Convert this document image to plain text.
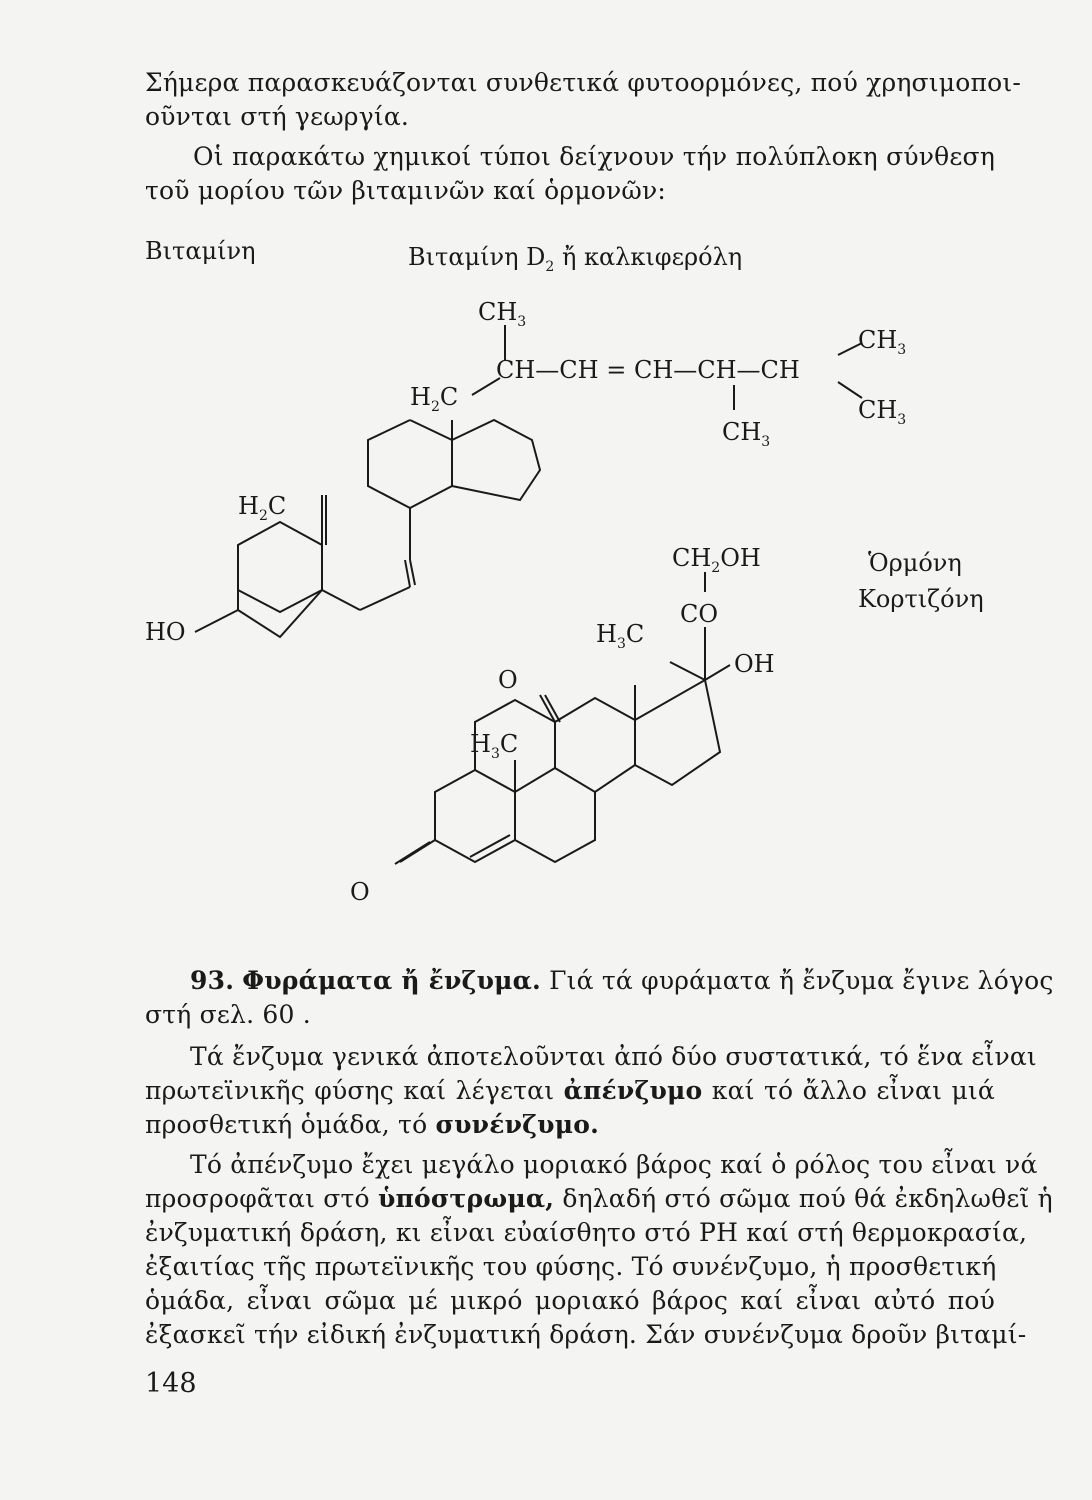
Σήμερα παρασκευάζονται συνθετικά φυτοορμόνες, πού χρησιμοποι-
οῦνται στή γεωργία.
Οἱ παρακάτω χημικοί τύποι δείχνουν τήν πολύπλοκη σύνθεση
τοῦ μορίου τῶν βιταμινῶν καί ὁρμονῶν:
Βιταμίνη	Βιταμίνη $D_2$ ἤ καλκιφερόλη
Ὁρμόνη
Κορτιζόνη
$CH_3$
CH—CH = CH—CH—CH
$CH_3$
$CH_3$
$CH_3$
$H_2C$
$H_2C$
HO
$CH_2OH$
CO
OH
$H_3C$
O
$H_3C$
O
93. Φυράματα ἤ ἔνζυμα. Γιά τά φυράματα ἤ ἔνζυμα ἔγινε λόγος
στή σελ. 60 .
Τά ἔνζυμα γενικά ἀποτελοῦνται ἀπό δύο συστατικά, τό ἕνα εἶναι
πρωτεϊνικῆς φύσης καί λέγεται ἀπένζυμο καί τό ἄλλο εἶναι μιά
προσθετική ὁμάδα, τό συνένζυμο.
Τό ἀπένζυμο ἔχει μεγάλο μοριακό βάρος καί ὁ ρόλος του εἶναι νά
προσροφᾶται στό ὑπόστρωμα, δηλαδή στό σῶμα πού θά ἐκδηλωθεῖ ἡ
ἐνζυματική δράση, κι εἶναι εὐαίσθητο στό PH καί στή θερμοκρασία,
ἐξαιτίας τῆς πρωτεϊνικῆς του φύσης. Τό συνένζυμο, ἡ προσθετική
ὁμάδα, εἶναι σῶμα μέ μικρό μοριακό βάρος καί εἶναι αὐτό πού
ἐξασκεῖ τήν εἰδική ἐνζυματική δράση. Σάν συνένζυμα δροῦν βιταμί-
148
